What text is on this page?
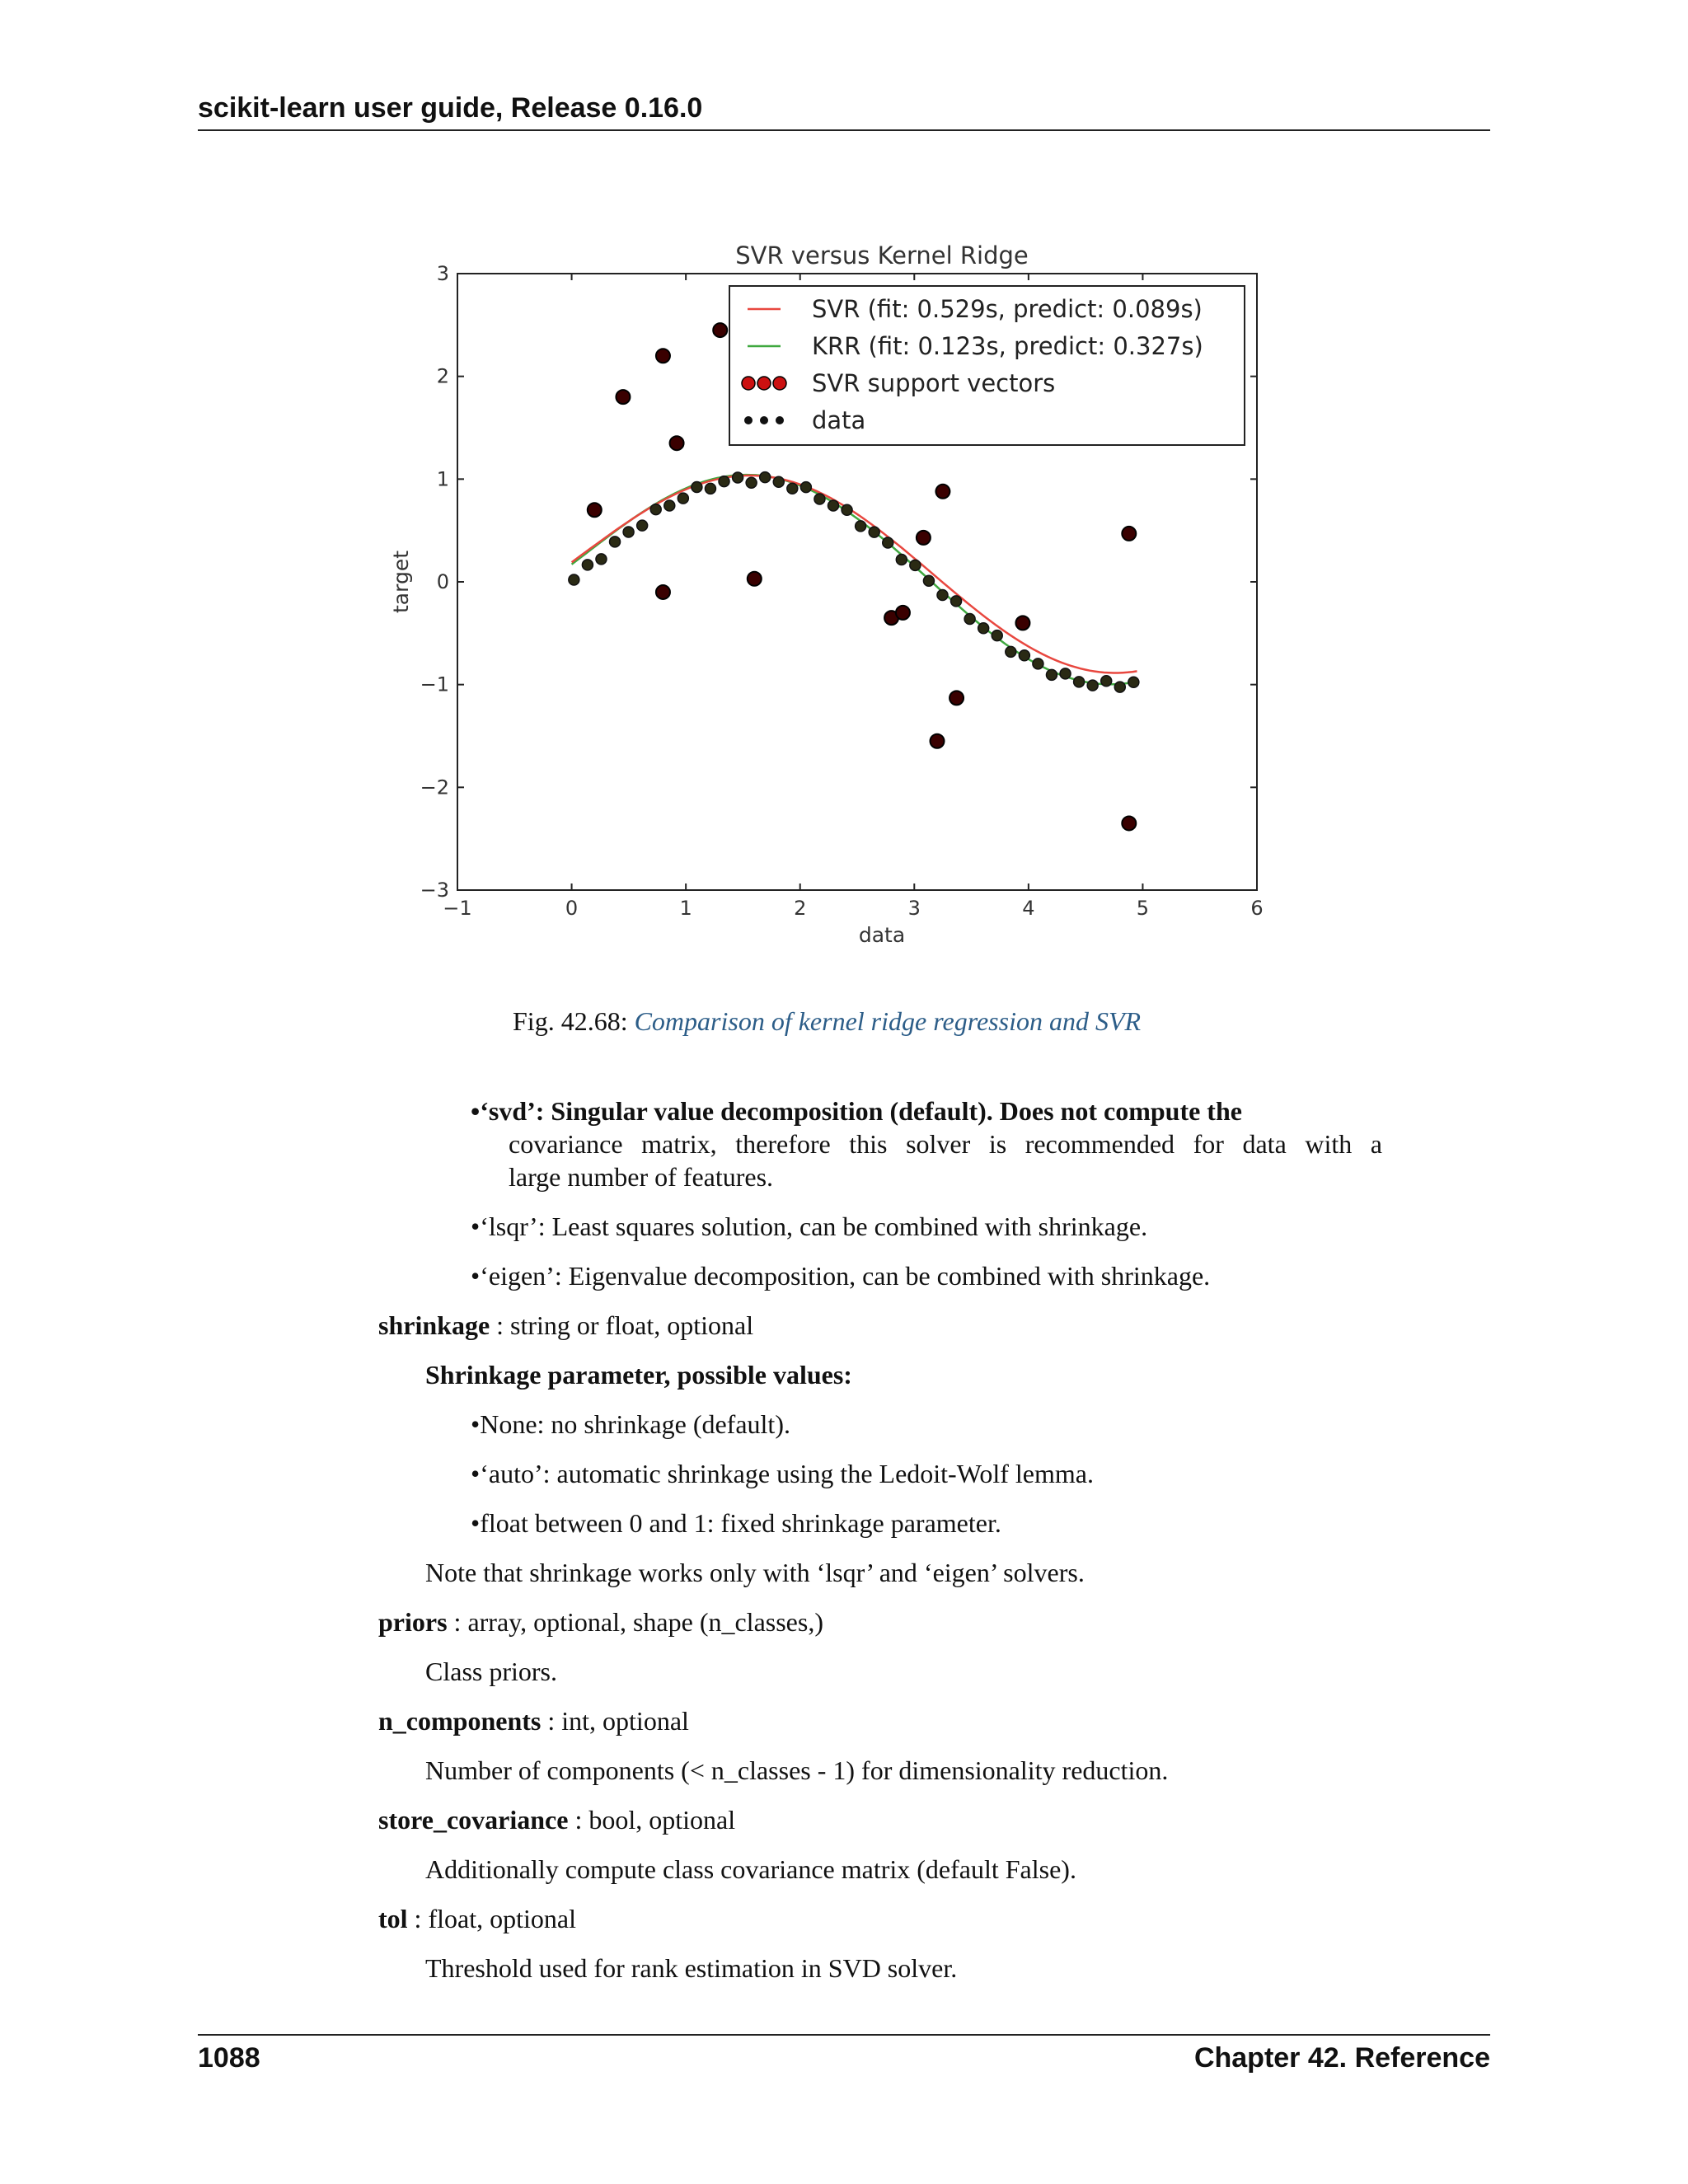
scikit-learn user guide, Release 0.16.0
−1	0	1	2	3	4	5	6
−3
−2
−1
0
1
2
3
SVR versus Kernel Ridge
data
target
SVR (fit: 0.529s, predict: 0.089s)
KRR (fit: 0.123s, predict: 0.327s)
SVR support vectors
data
Fig. 42.68: Comparison of kernel ridge regression and SVR
•‘svd’: Singular value decomposition (default). Does not compute the
covariance matrix, therefore this solver is recommended for data with a
large number of features.
•‘lsqr’: Least squares solution, can be combined with shrinkage.
•‘eigen’: Eigenvalue decomposition, can be combined with shrinkage.
shrinkage : string or float, optional
Shrinkage parameter, possible values:
•None: no shrinkage (default).
•‘auto’: automatic shrinkage using the Ledoit-Wolf lemma.
•float between 0 and 1: fixed shrinkage parameter.
Note that shrinkage works only with ‘lsqr’ and ‘eigen’ solvers.
priors : array, optional, shape (n_classes,)
Class priors.
n_components : int, optional
Number of components (< n_classes - 1) for dimensionality reduction.
store_covariance : bool, optional
Additionally compute class covariance matrix (default False).
tol : float, optional
Threshold used for rank estimation in SVD solver.
1088	Chapter 42. Reference
